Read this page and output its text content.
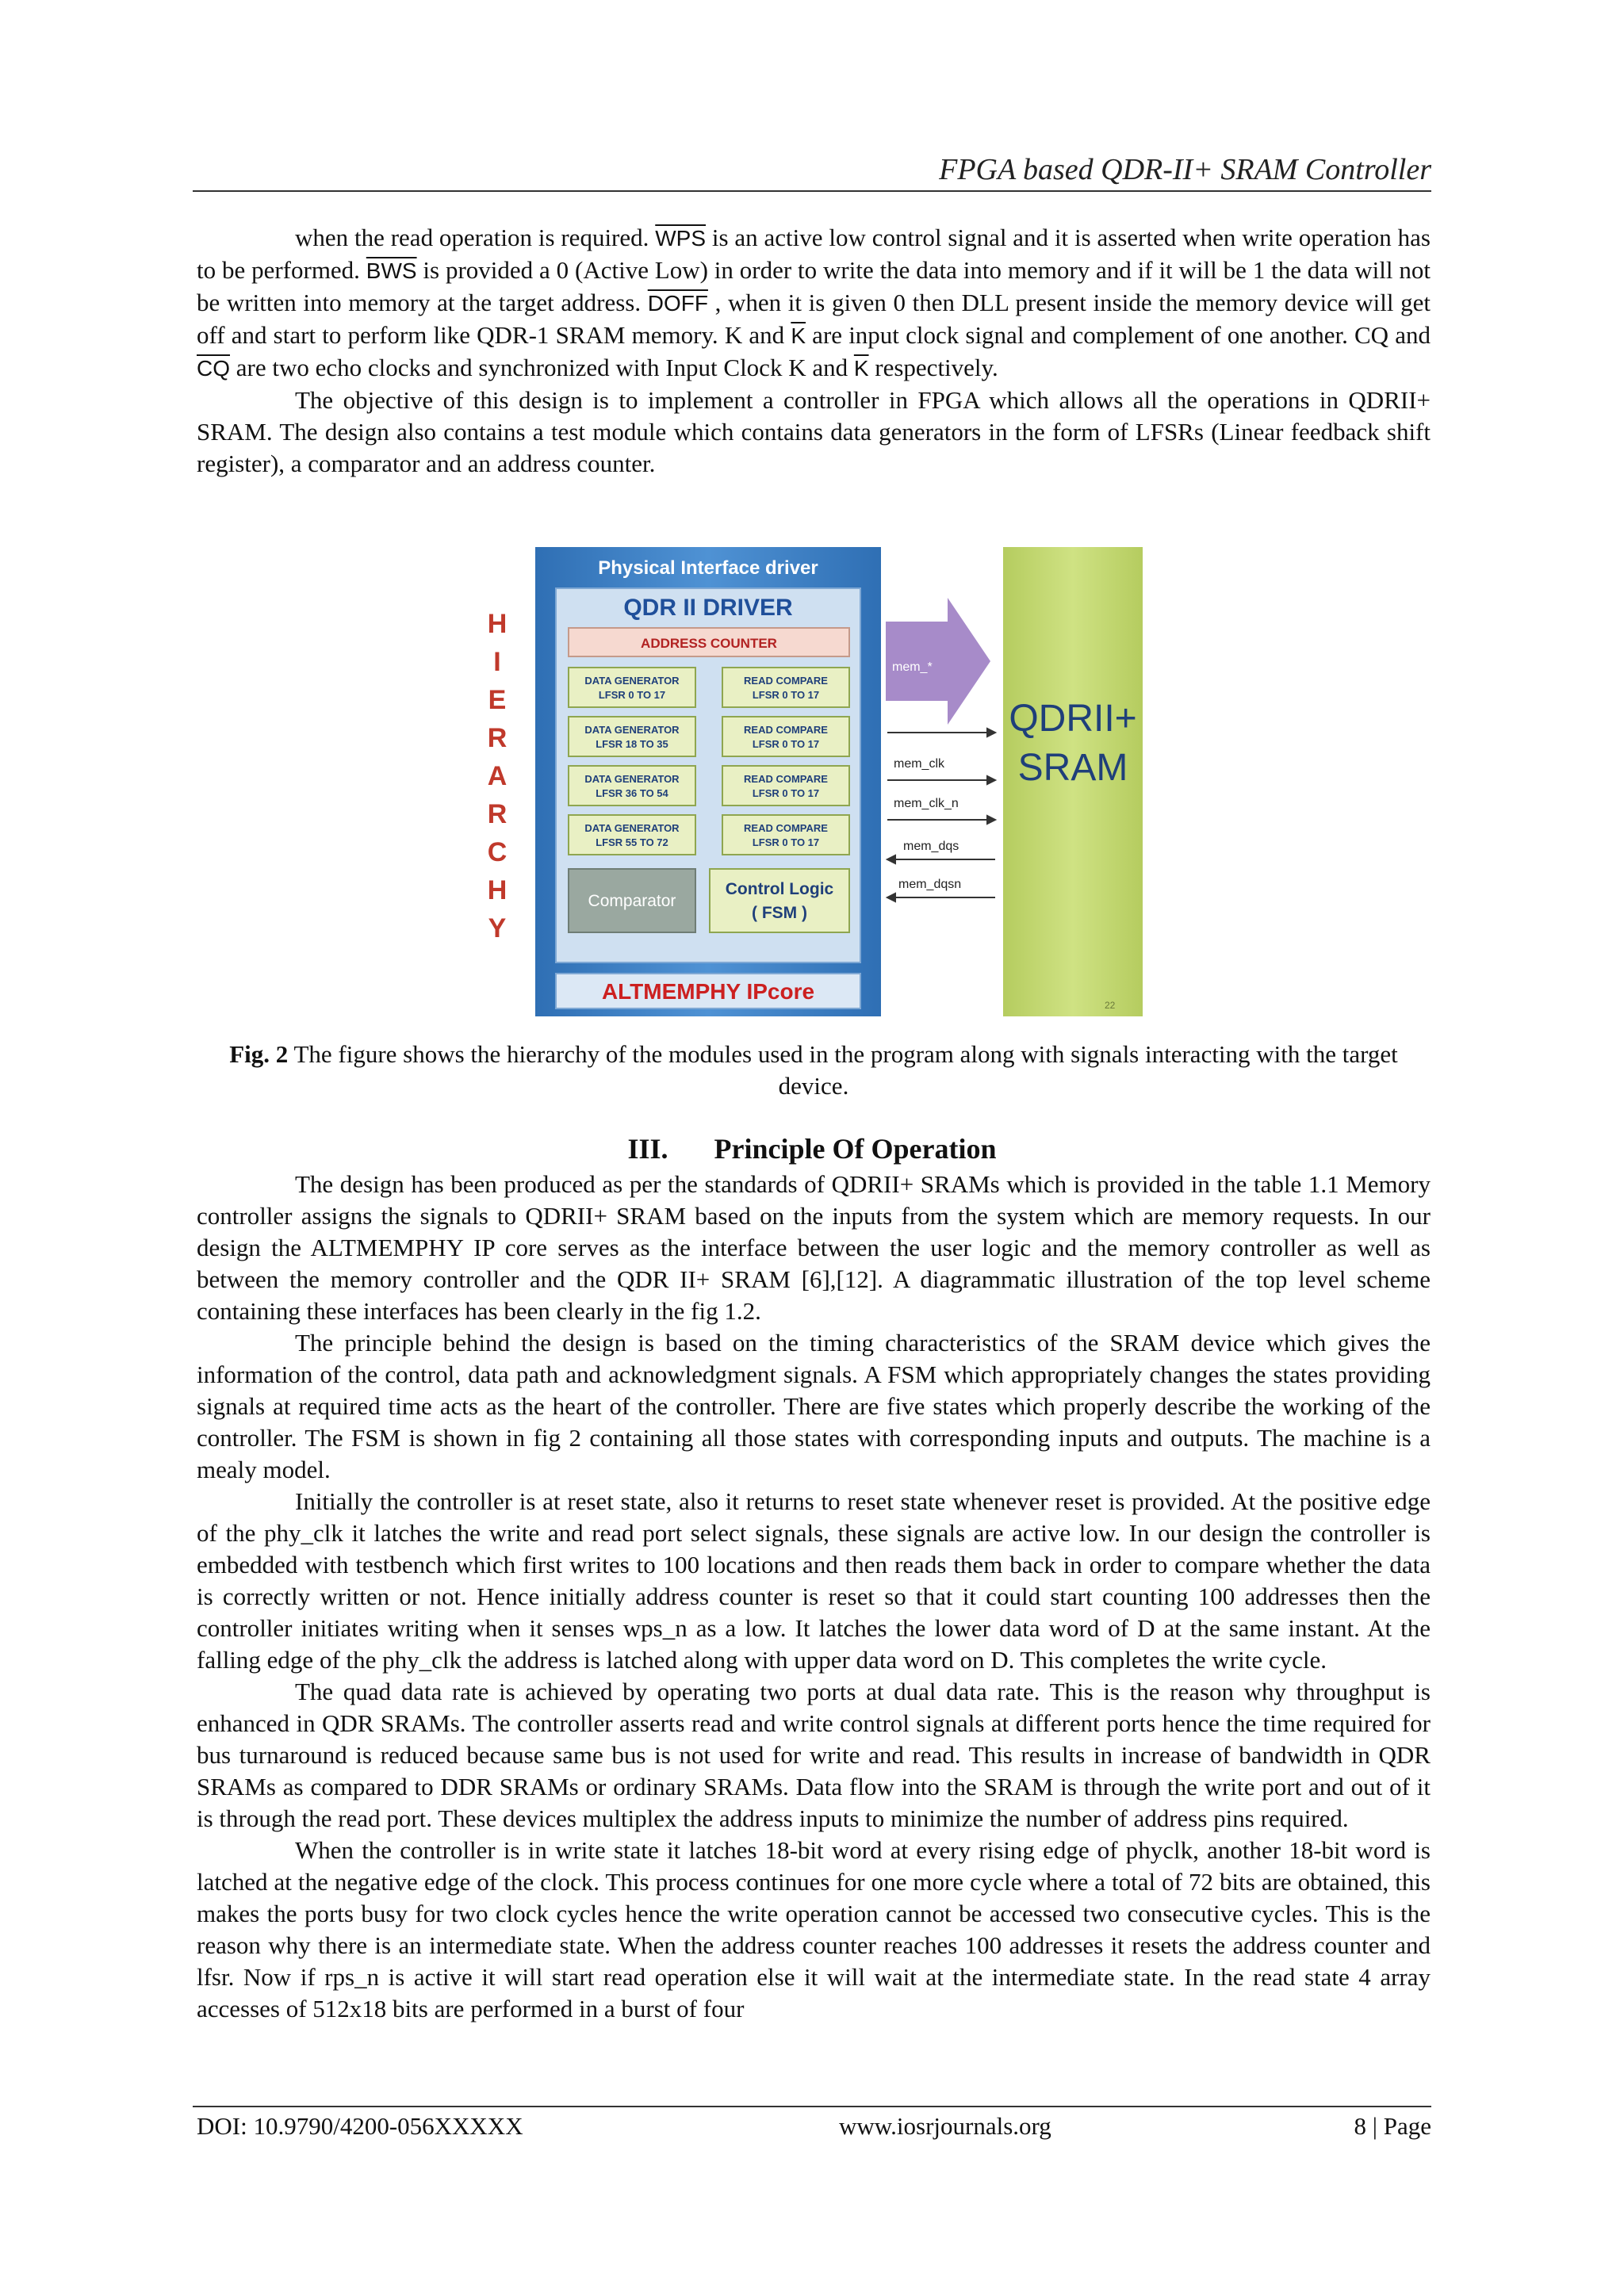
FPGA based QDR-II+ SRAM Controller

when the read operation is required. $\overline{WPS}$ is an active low control signal and it is asserted when write operation has to be performed. $\overline{BWS}$ is provided a 0 (Active Low) in order to write the data into memory and if it will be 1 the data will not be written into memory at the target address. DOFF , when it is given 0 then DLL present inside the memory device will get off and start to perform like QDR-1 SRAM memory. K and $\overline{K}$ are input clock signal and complement of one another. CQ and $\overline{CQ}$ are two echo clocks and synchronized with Input Clock K and $\overline{K}$ respectively.

The objective of this design is to implement a controller in FPGA which allows all the operations in QDRII+ SRAM. The design also contains a test module which contains data generators in the form of LFSRs (Linear feedback shift register), a comparator and an address counter.

H
I
E
R
A
R
C
H
Y
Physical Interface driver
QDR II DRIVER
ADDRESS COUNTER
DATA GENERATOR
LFSR 0 TO 17
READ COMPARE
LFSR 0 TO 17
DATA GENERATOR
LFSR 18 TO 35
READ COMPARE
LFSR 0 TO 17
DATA GENERATOR
LFSR 36 TO 54
READ COMPARE
LFSR 0 TO 17
DATA GENERATOR
LFSR 55 TO 72
READ COMPARE
LFSR 0 TO 17
Comparator
Control Logic
( FSM )
ALTMEMPHY IPcore
mem_*
mem_clk
mem_clk_n
mem_dqs
mem_dqsn
QDRII+
SRAM
22
Fig. 2 The figure shows the hierarchy of the modules used in the program along with signals interacting with the target device.
III. Principle Of Operation

The design has been produced as per the standards of QDRII+ SRAMs which is provided in the table 1.1 Memory controller assigns the signals to QDRII+ SRAM based on the inputs from the system which are memory requests. In our design the ALTMEMPHY IP core serves as the interface between the user logic and the memory controller as well as between the memory controller and the QDR II+ SRAM [6],[12]. A diagrammatic illustration of the top level scheme containing these interfaces has been clearly in the fig 1.2.

The principle behind the design is based on the timing characteristics of the SRAM device which gives the information of the control, data path and acknowledgment signals. A FSM which appropriately changes the states providing signals at required time acts as the heart of the controller. There are five states which properly describe the working of the controller. The FSM is shown in fig 2 containing all those states with corresponding inputs and outputs. The machine is a mealy model.

Initially the controller is at reset state, also it returns to reset state whenever reset is provided. At the positive edge of the phy_clk it latches the write and read port select signals, these signals are active low. In our design the controller is embedded with testbench which first writes to 100 locations and then reads them back in order to compare whether the data is correctly written or not. Hence initially address counter is reset so that it could start counting 100 addresses then the controller initiates writing when it senses wps_n as a low. It latches the lower data word of D at the same instant. At the falling edge of the phy_clk the address is latched along with upper data word on D. This completes the write cycle.

The quad data rate is achieved by operating two ports at dual data rate. This is the reason why throughput is enhanced in QDR SRAMs. The controller asserts read and write control signals at different ports hence the time required for bus turnaround is reduced because same bus is not used for write and read. This results in increase of bandwidth in QDR SRAMs as compared to DDR SRAMs or ordinary SRAMs. Data flow into the SRAM is through the write port and out of it is through the read port. These devices multiplex the address inputs to minimize the number of address pins required.

When the controller is in write state it latches 18-bit word at every rising edge of phyclk, another 18-bit word is latched at the negative edge of the clock. This process continues for one more cycle where a total of 72 bits are obtained, this makes the ports busy for two clock cycles hence the write operation cannot be accessed two consecutive cycles. This is the reason why there is an intermediate state. When the address counter reaches 100 addresses it resets the address counter and lfsr. Now if rps_n is active it will start read operation else it will wait at the intermediate state. In the read state 4 array accesses of 512x18 bits are performed in a burst of four

DOI: 10.9790/4200-056XXXXX	www.iosrjournals.org	8 | Page
